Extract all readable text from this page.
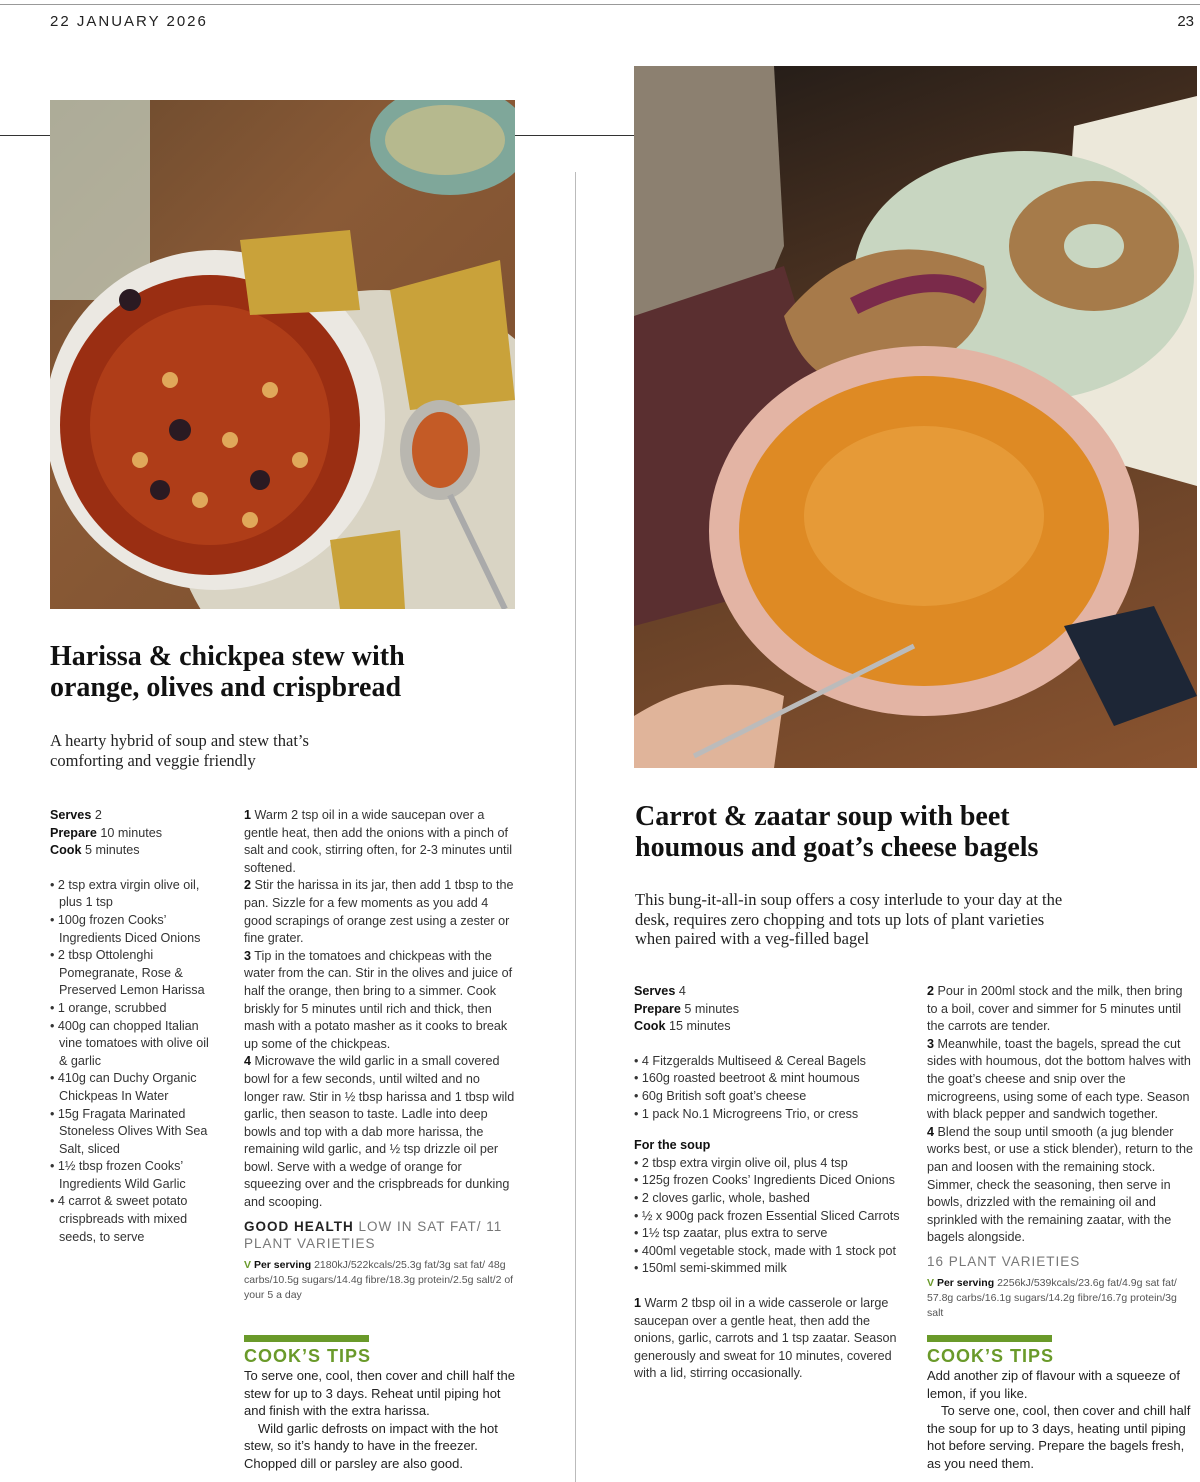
22 JANUARY 2026	23
Harissa & chickpea stew with
orange, olives and crispbread
A hearty hybrid of soup and stew that’s
comforting and veggie friendly
Serves 2
Prepare 10 minutes
Cook 5 minutes
• 2 tsp extra virgin olive oil, plus 1 tsp
• 100g frozen Cooks’ Ingredients Diced Onions
• 2 tbsp Ottolenghi Pomegranate, Rose & Preserved Lemon Harissa
• 1 orange, scrubbed
• 400g can chopped Italian vine tomatoes with olive oil & garlic
• 410g can Duchy Organic Chickpeas In Water
• 15g Fragata Marinated Stoneless Olives With Sea Salt, sliced
• 1½ tbsp frozen Cooks’ Ingredients Wild Garlic
• 4 carrot & sweet potato crispbreads with mixed seeds, to serve
1 Warm 2 tsp oil in a wide saucepan over a gentle heat, then add the onions with a pinch of salt and cook, stirring often, for 2-3 minutes until softened.
2 Stir the harissa in its jar, then add 1 tbsp to the pan. Sizzle for a few moments as you add 4 good scrapings of orange zest using a zester or fine grater.
3 Tip in the tomatoes and chickpeas with the water from the can. Stir in the olives and juice of half the orange, then bring to a simmer. Cook briskly for 5 minutes until rich and thick, then mash with a potato masher as it cooks to break up some of the chickpeas.
4 Microwave the wild garlic in a small covered bowl for a few seconds, until wilted and no longer raw. Stir in ½ tbsp harissa and 1 tbsp wild garlic, then season to taste. Ladle into deep bowls and top with a dab more harissa, the remaining wild garlic, and ½ tsp drizzle oil per bowl. Serve with a wedge of orange for squeezing over and the crispbreads for dunking and scooping.
GOOD HEALTH LOW IN SAT FAT/ 11 PLANT VARIETIES
V Per serving 2180kJ/522kcals/25.3g fat/3g sat fat/ 48g carbs/10.5g sugars/14.4g fibre/18.3g protein/2.5g salt/2 of your 5 a day
COOK’S TIPS
To serve one, cool, then cover and chill half the stew for up to 3 days. Reheat until piping hot and finish with the extra harissa.
Wild garlic defrosts on impact with the hot stew, so it’s handy to have in the freezer. Chopped dill or parsley are also good.
Carrot & zaatar soup with beet
houmous and goat’s cheese bagels
This bung-it-all-in soup offers a cosy interlude to your day at the
desk, requires zero chopping and tots up lots of plant varieties
when paired with a veg-filled bagel
Serves 4
Prepare 5 minutes
Cook 15 minutes
• 4 Fitzgeralds Multiseed & Cereal Bagels
• 160g roasted beetroot & mint houmous
• 60g British soft goat’s cheese
• 1 pack No.1 Microgreens Trio, or cress
For the soup
• 2 tbsp extra virgin olive oil, plus 4 tsp
• 125g frozen Cooks’ Ingredients Diced Onions
• 2 cloves garlic, whole, bashed
• ½ x 900g pack frozen Essential Sliced Carrots
• 1½ tsp zaatar, plus extra to serve
• 400ml vegetable stock, made with 1 stock pot
• 150ml semi-skimmed milk
1 Warm 2 tbsp oil in a wide casserole or large saucepan over a gentle heat, then add the onions, garlic, carrots and 1 tsp zaatar. Season generously and sweat for 10 minutes, covered with a lid, stirring occasionally.
2 Pour in 200ml stock and the milk, then bring to a boil, cover and simmer for 5 minutes until the carrots are tender.
3 Meanwhile, toast the bagels, spread the cut sides with houmous, dot the bottom halves with the goat’s cheese and snip over the microgreens, using some of each type. Season with black pepper and sandwich together.
4 Blend the soup until smooth (a jug blender works best, or use a stick blender), return to the pan and loosen with the remaining stock. Simmer, check the seasoning, then serve in bowls, drizzled with the remaining oil and sprinkled with the remaining zaatar, with the bagels alongside.
16 PLANT VARIETIES
V Per serving 2256kJ/539kcals/23.6g fat/4.9g sat fat/ 57.8g carbs/16.1g sugars/14.2g fibre/16.7g protein/3g salt
COOK’S TIPS
Add another zip of flavour with a squeeze of lemon, if you like.
To serve one, cool, then cover and chill half the soup for up to 3 days, heating until piping hot before serving. Prepare the bagels fresh, as you need them.
